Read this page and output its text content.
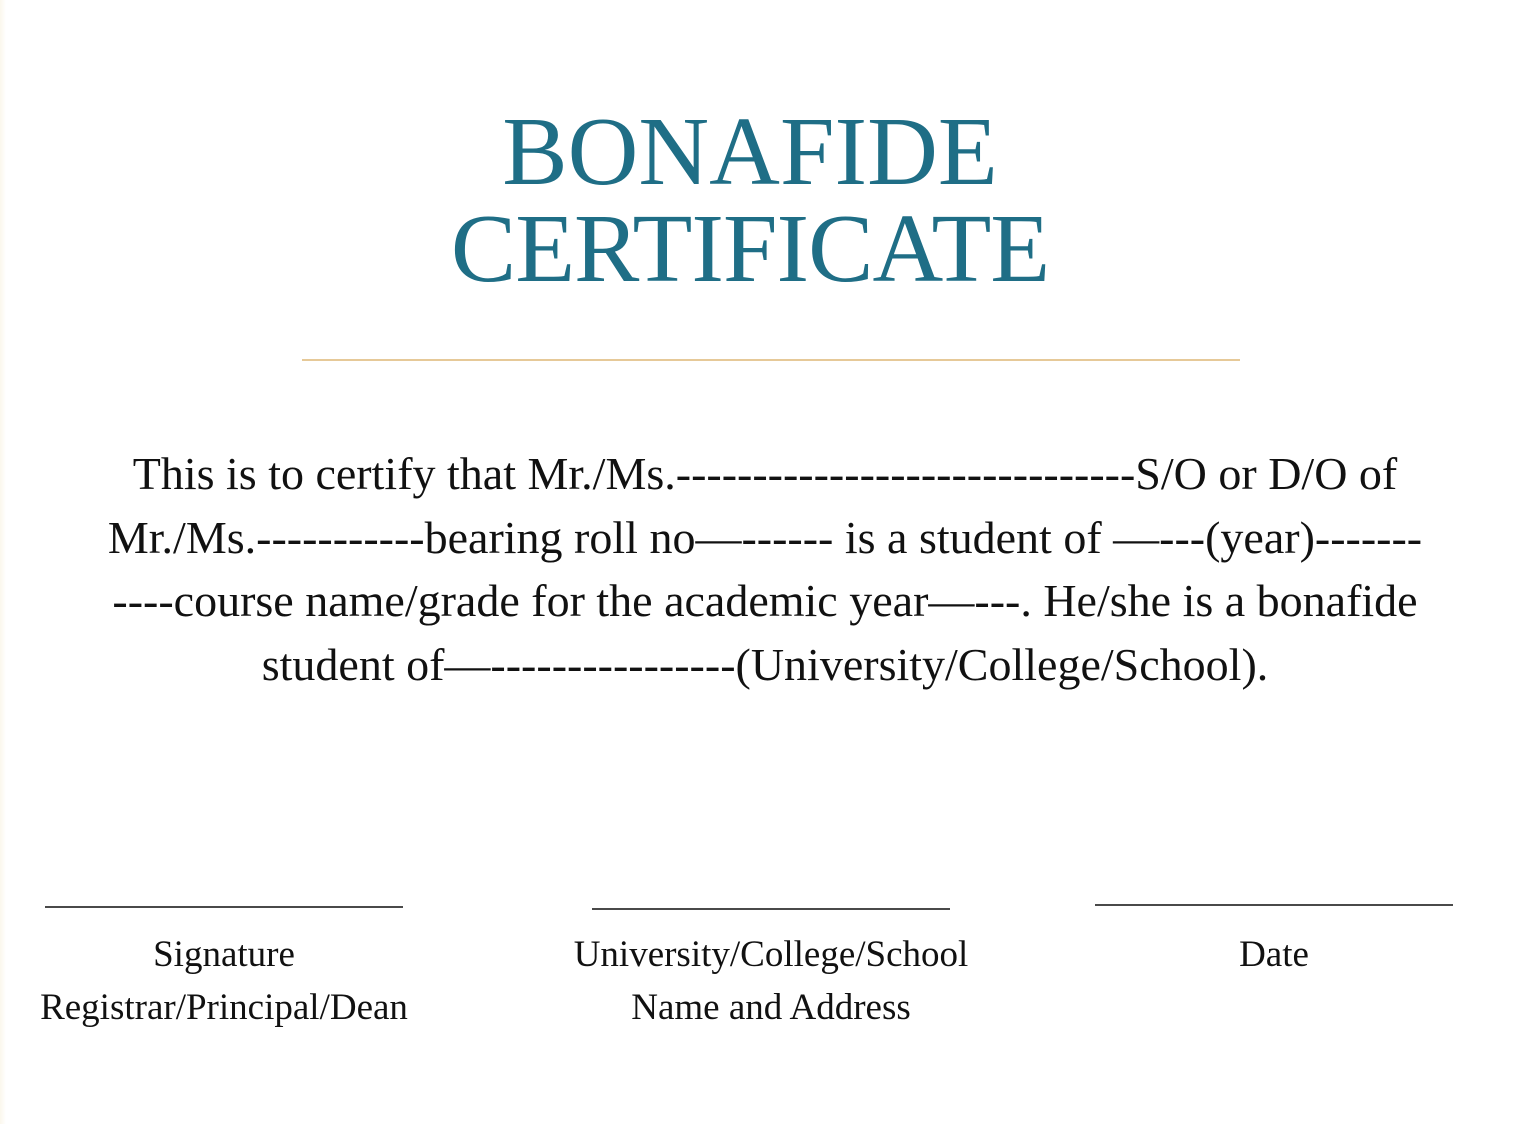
BONAFIDE
CERTIFICATE

This is to certify that Mr./Ms.------------------------------S/O or D/O of
Mr./Ms.-----------bearing roll no—------ is a student of —---(year)-------
----course name/grade for the academic year—---. He/she is a bonafide
student of—----------------(University/College/School).

Signature
Registrar/Principal/Dean
University/College/School
Name and Address
Date
